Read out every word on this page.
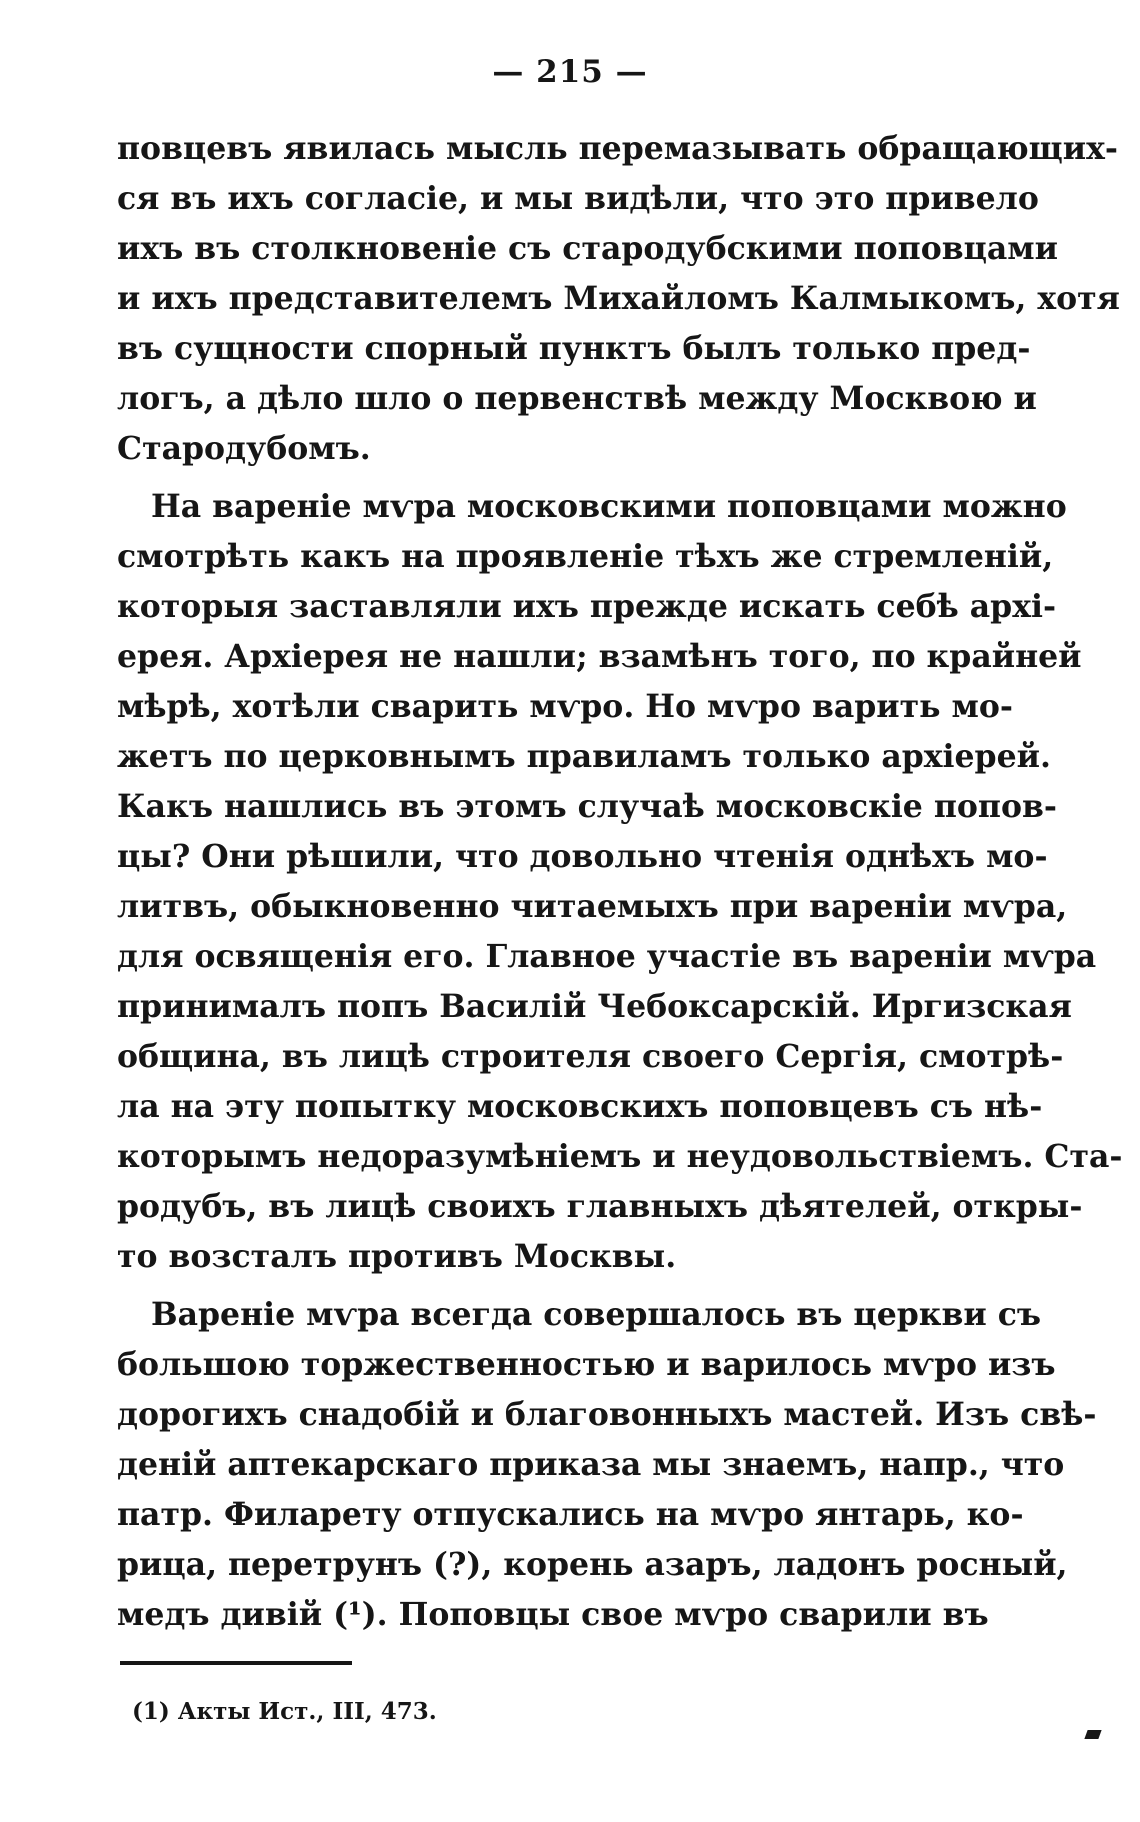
— 215 —
повцевъ явилась мысль перемазывать обращающих-
ся въ ихъ согласіе, и мы видѣли, что это привело
ихъ въ столкновеніе съ стародубскими поповцами
и ихъ представителемъ Михайломъ Калмыкомъ, хотя
въ сущности спорный пунктъ былъ только пред-
логъ, а дѣло шло о первенствѣ между Москвою и
Стародубомъ.
На вареніе мѵра московскими поповцами можно
смотрѣть какъ на проявленіе тѣхъ же стремленій,
которыя заставляли ихъ прежде искать себѣ архі-
ерея. Архіерея не нашли; взамѣнъ того, по крайней
мѣрѣ, хотѣли сварить мѵро. Но мѵро варить мо-
жетъ по церковнымъ правиламъ только архіерей.
Какъ нашлись въ этомъ случаѣ московскіе попов-
цы? Они рѣшили, что довольно чтенія однѣхъ мо-
литвъ, обыкновенно читаемыхъ при вареніи мѵра,
для освященія его. Главное участіе въ вареніи мѵра
принималъ попъ Василій Чебоксарскій. Иргизская
община, въ лицѣ строителя своего Сергія, смотрѣ-
ла на эту попытку московскихъ поповцевъ съ нѣ-
которымъ недоразумѣніемъ и неудовольствіемъ. Ста-
родубъ, въ лицѣ своихъ главныхъ дѣятелей, откры-
то возсталъ противъ Москвы.
Вареніе мѵра всегда совершалось въ церкви съ
большою торжественностью и варилось мѵро изъ
дорогихъ снадобій и благовонныхъ мастей. Изъ свѣ-
деній аптекарскаго приказа мы знаемъ, напр., что
патр. Филарету отпускались на мѵро янтарь, ко-
рица, перетрунъ (?), корень азаръ, ладонъ росный,
медъ дивій (¹). Поповцы свое мѵро сварили въ
(1) Акты Ист., III, 473.
